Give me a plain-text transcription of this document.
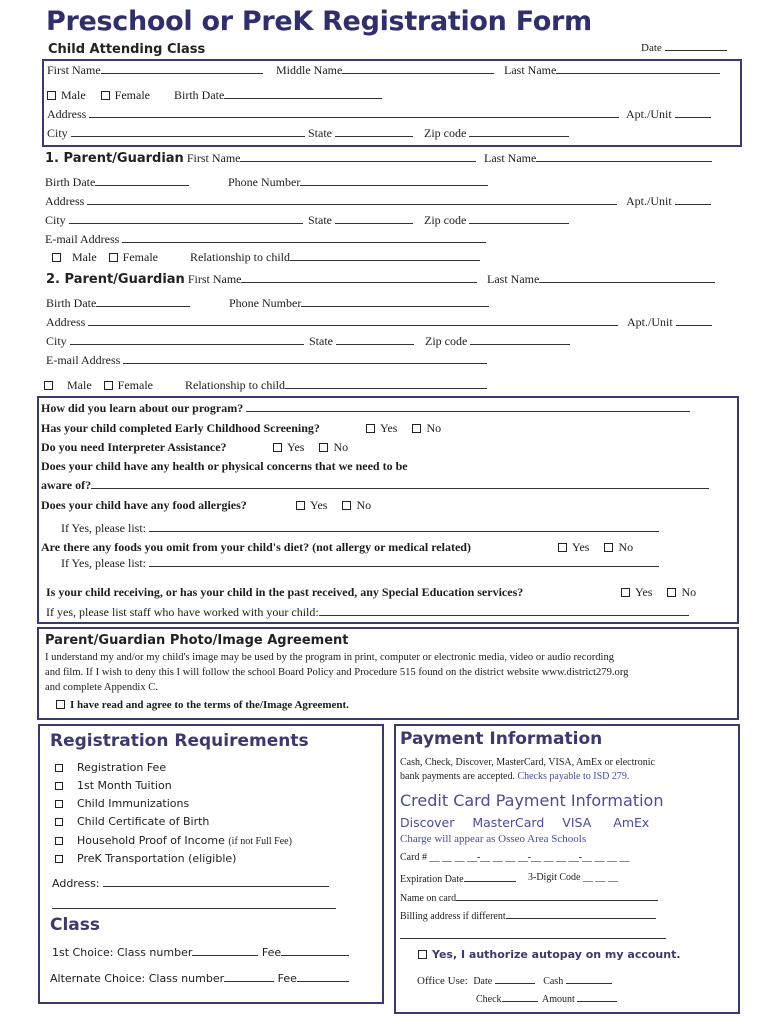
Preschool or PreK Registration Form
Date
Child Attending Class
First Name	Middle Name	Last Name
Male Female Birth Date
Address	Apt./Unit
City	State	Zip code
1. Parent/Guardian First Name	Last Name
Birth Date	Phone Number
Address	Apt./Unit
City	State	Zip code
E-mail Address
Male Female	Relationship to child
2. Parent/Guardian First Name	Last Name
Birth Date	Phone Number
Address	Apt./Unit
City	State	Zip code
E-mail Address
Male Female	Relationship to child
How did you learn about our program?
Has your child completed Early Childhood Screening?	Yes No
Do you need Interpreter Assistance?	Yes No
Does your child have any health or physical concerns that we need to be
aware of?
Does your child have any food allergies?	Yes No
If Yes, please list:
Are there any foods you omit from your child's diet? (not allergy or medical related)	Yes No
If Yes, please list:
Is your child receiving, or has your child in the past received, any Special Education services?	Yes No
If yes, please list staff who have worked with your child:
Parent/Guardian Photo/Image Agreement
I understand my and/or my child's image may be used by the program in print, computer or electronic media, video or audio recording
and film. If I wish to deny this I will follow the school Board Policy and Procedure 515 found on the district website www.district279.org
and complete Appendix C.
I have read and agree to the terms of the/Image Agreement.
Registration Requirements
Registration Fee
1st Month Tuition
Child Immunizations
Child Certificate of Birth
Household Proof of Income (if not Full Fee)
PreK Transportation (eligible)
Address:
Class
1st Choice: Class number	Fee
Alternate Choice: Class number	Fee
Payment Information
Cash, Check, Discover, MasterCard, VISA, AmEx or electronic
bank payments are accepted. Checks payable to ISD 279.
Credit Card Payment Information
Discover MasterCard VISA AmEx
Charge will appear as Osseo Area Schools
Card # __ __ __ __-__ __ __ __-__ __ __ __-__ __ __ __
Expiration Date	3-Digit Code __ __ __
Name on card
Billing address if different
Yes, I authorize autopay on my account.
Office Use: Date	Cash
Check	Amount
